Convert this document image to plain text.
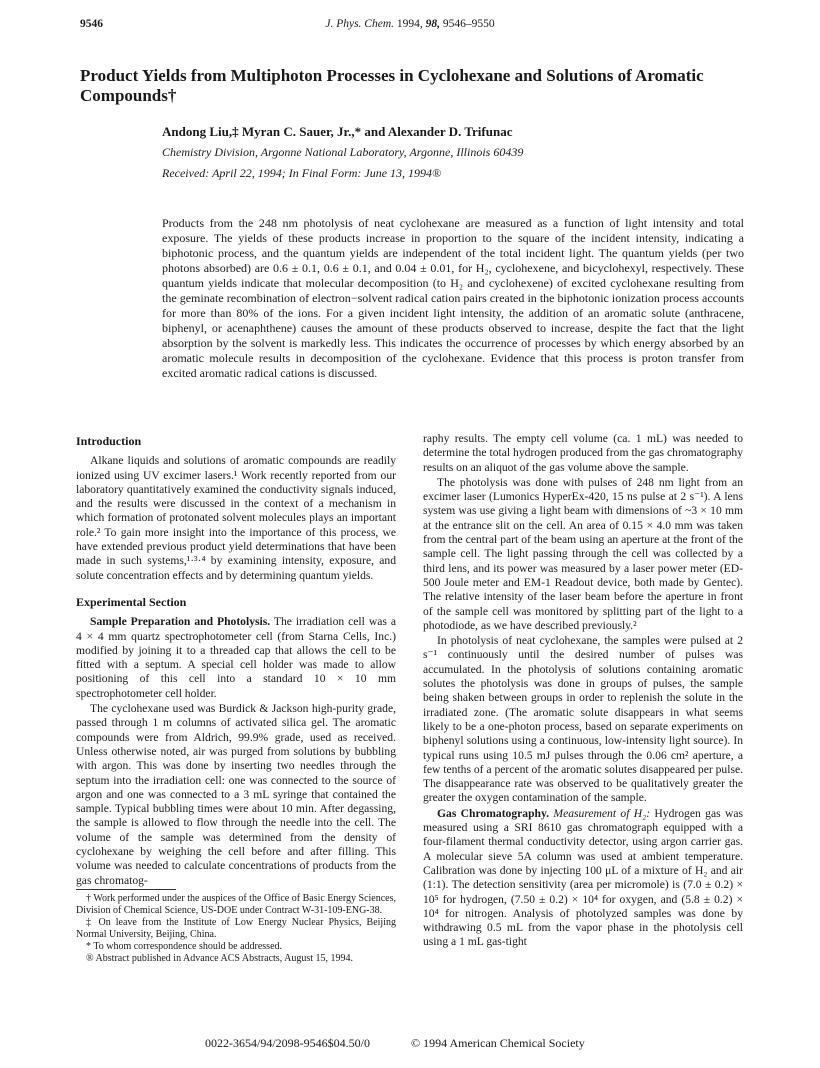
9546	J. Phys. Chem. 1994, 98, 9546–9550
Product Yields from Multiphoton Processes in Cyclohexane and Solutions of Aromatic Compounds†
Andong Liu,‡ Myran C. Sauer, Jr.,* and Alexander D. Trifunac
Chemistry Division, Argonne National Laboratory, Argonne, Illinois 60439
Received: April 22, 1994; In Final Form: June 13, 1994®

Products from the 248 nm photolysis of neat cyclohexane are measured as a function of light intensity and total exposure. The yields of these products increase in proportion to the square of the incident intensity, indicating a biphotonic process, and the quantum yields are independent of the total incident light. The quantum yields (per two photons absorbed) are 0.6 ± 0.1, 0.6 ± 0.1, and 0.04 ± 0.01, for H₂, cyclohexene, and bicyclohexyl, respectively. These quantum yields indicate that molecular decomposition (to H₂ and cyclohexene) of excited cyclohexane resulting from the geminate recombination of electron−solvent radical cation pairs created in the biphotonic ionization process accounts for more than 80% of the ions. For a given incident light intensity, the addition of an aromatic solute (anthracene, biphenyl, or acenaphthene) causes the amount of these products observed to increase, despite the fact that the light absorption by the solvent is markedly less. This indicates the occurrence of processes by which energy absorbed by an aromatic molecule results in decomposition of the cyclohexane. Evidence that this process is proton transfer from excited aromatic radical cations is discussed.

Introduction

Alkane liquids and solutions of aromatic compounds are readily ionized using UV excimer lasers.¹ Work recently reported from our laboratory quantitatively examined the conductivity signals induced, and the results were discussed in the context of a mechanism in which formation of protonated solvent molecules plays an important role.² To gain more insight into the importance of this process, we have extended previous product yield determinations that have been made in such systems,¹·³·⁴ by examining intensity, exposure, and solute concentration effects and by determining quantum yields.

Experimental Section

Sample Preparation and Photolysis. The irradiation cell was a 4 × 4 mm quartz spectrophotometer cell (from Starna Cells, Inc.) modified by joining it to a threaded cap that allows the cell to be fitted with a septum. A special cell holder was made to allow positioning of this cell into a standard 10 × 10 mm spectrophotometer cell holder.

The cyclohexane used was Burdick & Jackson high-purity grade, passed through 1 m columns of activated silica gel. The aromatic compounds were from Aldrich, 99.9% grade, used as received. Unless otherwise noted, air was purged from solutions by bubbling with argon. This was done by inserting two needles through the septum into the irradiation cell: one was connected to the source of argon and one was connected to a 3 mL syringe that contained the sample. Typical bubbling times were about 10 min. After degassing, the sample is allowed to flow through the needle into the cell. The volume of the sample was determined from the density of cyclohexane by weighing the cell before and after filling. This volume was needed to calculate concentrations of products from the gas chromatog-

† Work performed under the auspices of the Office of Basic Energy Sciences, Division of Chemical Science, US-DOE under Contract W-31-109-ENG-38.

‡ On leave from the Institute of Low Energy Nuclear Physics, Beijing Normal University, Beijing, China.

* To whom correspondence should be addressed.

® Abstract published in Advance ACS Abstracts, August 15, 1994.

raphy results. The empty cell volume (ca. 1 mL) was needed to determine the total hydrogen produced from the gas chromatography results on an aliquot of the gas volume above the sample.

The photolysis was done with pulses of 248 nm light from an excimer laser (Lumonics HyperEx-420, 15 ns pulse at 2 s⁻¹). A lens system was use giving a light beam with dimensions of ~3 × 10 mm at the entrance slit on the cell. An area of 0.15 × 4.0 mm was taken from the central part of the beam using an aperture at the front of the sample cell. The light passing through the cell was collected by a third lens, and its power was measured by a laser power meter (ED-500 Joule meter and EM-1 Readout device, both made by Gentec). The relative intensity of the laser beam before the aperture in front of the sample cell was monitored by splitting part of the light to a photodiode, as we have described previously.²

In photolysis of neat cyclohexane, the samples were pulsed at 2 s⁻¹ continuously until the desired number of pulses was accumulated. In the photolysis of solutions containing aromatic solutes the photolysis was done in groups of pulses, the sample being shaken between groups in order to replenish the solute in the irradiated zone. (The aromatic solute disappears in what seems likely to be a one-photon process, based on separate experiments on biphenyl solutions using a continuous, low-intensity light source). In typical runs using 10.5 mJ pulses through the 0.06 cm² aperture, a few tenths of a percent of the aromatic solutes disappeared per pulse. The disappearance rate was observed to be qualitatively greater the greater the oxygen contamination of the sample.

Gas Chromatography. Measurement of H₂: Hydrogen gas was measured using a SRI 8610 gas chromatograph equipped with a four-filament thermal conductivity detector, using argon carrier gas. A molecular sieve 5A column was used at ambient temperature. Calibration was done by injecting 100 μL of a mixture of H₂ and air (1:1). The detection sensitivity (area per micromole) is (7.0 ± 0.2) × 10⁵ for hydrogen, (7.50 ± 0.2) × 10⁴ for oxygen, and (5.8 ± 0.2) × 10⁴ for nitrogen. Analysis of photolyzed samples was done by withdrawing 0.5 mL from the vapor phase in the photolysis cell using a 1 mL gas-tight

0022-3654/94/2098-9546$04.50/0	© 1994 American Chemical Society
